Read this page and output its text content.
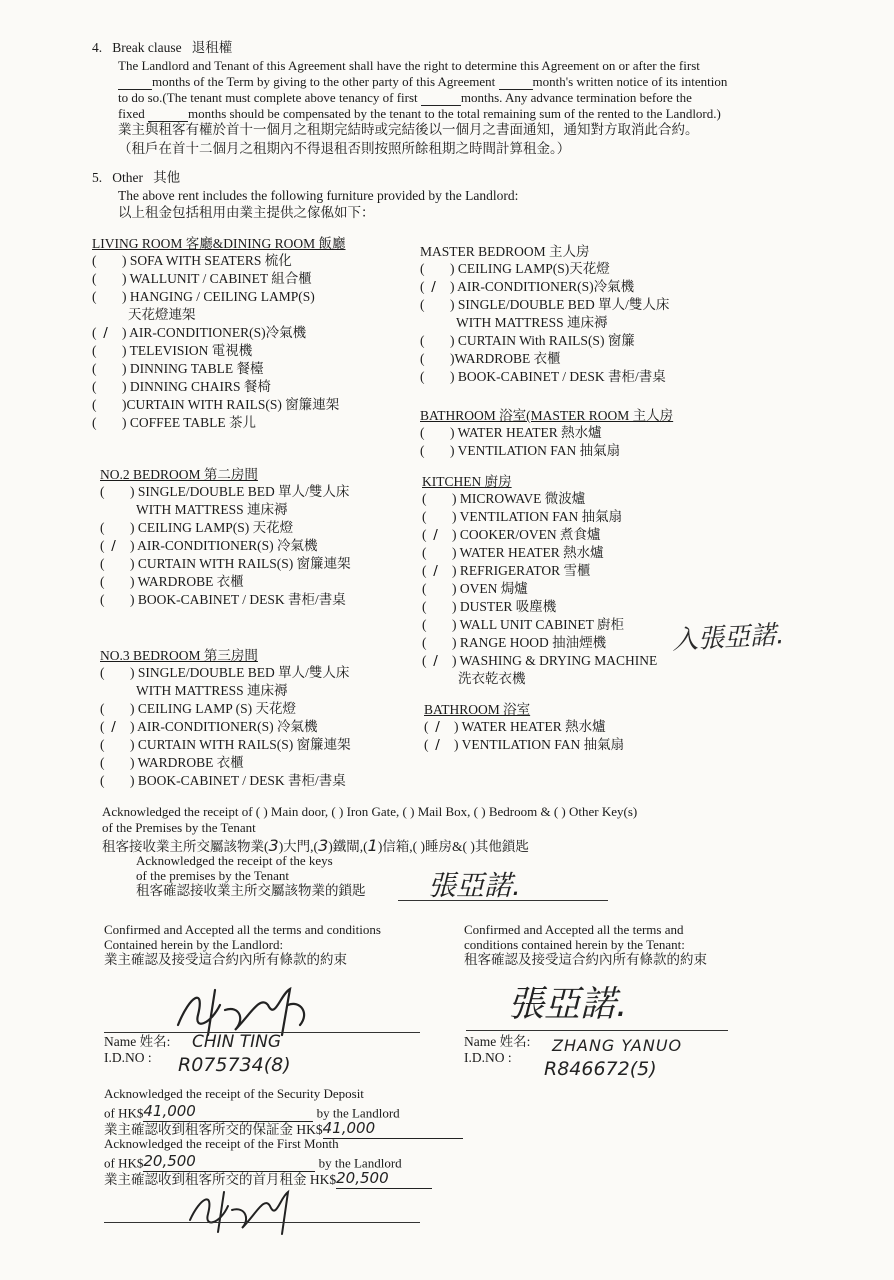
4. Break clause 退租權
The Landlord and Tenant of this Agreement shall have the right to determine this Agreement on or after the first
months of the Term by giving to the other party of this Agreement	month's written notice of its intention
to do so.(The tenant must complete above tenancy of first	months. Any advance termination before the
fixed	months should be compensated by the tenant to the total remaining sum of the rented to the Landlord.)
業主與租客有權於首十一個月之租期完結時或完結後以一個月之書面通知，通知對方取消此合約。
（租戶在首十二個月之租期內不得退租否則按照所餘租期之時間計算租金。）
5. Other 其他
The above rent includes the following furniture provided by the Landlord:
以上租金包括租用由業主提供之傢俬如下：
LIVING ROOM 客廳&DINING ROOM 飯廳
(  ) SOFA WITH SEATERS 梳化
(  ) WALLUNIT / CABINET 組合櫃
(  ) HANGING / CEILING LAMP(S)
天花燈連架
(  / ) AIR-CONDITIONER(S)冷氣機
(  ) TELEVISION 電視機
(  ) DINNING TABLE 餐檯
(  ) DINNING CHAIRS 餐椅
(  )CURTAIN WITH RAILS(S) 窗簾連架
(  ) COFFEE TABLE 茶儿
MASTER BEDROOM 主人房
(  ) CEILING LAMP(S)天花燈
(  / ) AIR-CONDITIONER(S)冷氣機
(  ) SINGLE/DOUBLE BED 單人/雙人床
WITH MATTRESS 連床褥
(  ) CURTAIN With RAILS(S) 窗簾
(  )WARDROBE 衣櫃
(  ) BOOK-CABINET / DESK 書柜/書桌
BATHROOM 浴室(MASTER ROOM 主人房
(  ) WATER HEATER 熱水爐
(  ) VENTILATION FAN 抽氣扇
NO.2 BEDROOM 第二房間
(  ) SINGLE/DOUBLE BED 單人/雙人床
WITH MATTRESS 連床褥
(  ) CEILING LAMP(S) 天花燈
(  / ) AIR-CONDITIONER(S) 冷氣機
(  ) CURTAIN WITH RAILS(S) 窗簾連架
(  ) WARDROBE 衣櫃
(  ) BOOK-CABINET / DESK 書柜/書桌
KITCHEN 廚房
(  ) MICROWAVE 微波爐
(  ) VENTILATION FAN 抽氣扇
(  / ) COOKER/OVEN 煮食爐
(  ) WATER HEATER 熱水爐
(  / ) REFRIGERATOR 雪櫃
(  ) OVEN 焗爐
(  ) DUSTER 吸塵機
(  ) WALL UNIT CABINET 廚柜
(  ) RANGE HOOD 抽油煙機
(  / ) WASHING & DRYING MACHINE
洗衣乾衣機
入張亞諾.
NO.3 BEDROOM 第三房間
(  ) SINGLE/DOUBLE BED 單人/雙人床
WITH MATTRESS 連床褥
(  ) CEILING LAMP (S) 天花燈
(  / ) AIR-CONDITIONER(S) 冷氣機
(  ) CURTAIN WITH RAILS(S) 窗簾連架
(  ) WARDROBE 衣櫃
(  ) BOOK-CABINET / DESK 書柜/書桌
BATHROOM 浴室
(  / ) WATER HEATER 熱水爐
(  / ) VENTILATION FAN 抽氣扇
Acknowledged the receipt of ( ) Main door, ( ) Iron Gate, ( ) Mail Box, ( ) Bedroom & ( ) Other Key(s)
of the Premises by the Tenant
租客接收業主所交屬該物業(3)大門,(3)鐵閘,(1)信箱,( )睡房&( )其他鎖匙
Acknowledged the receipt of the keys
of the premises by the Tenant
租客確認接收業主所交屬該物業的鎖匙 張亞諾.
Confirmed and Accepted all the terms and conditions
Contained herein by the Landlord:
業主確認及接受這合約內所有條款的約束
Name 姓名: CHIN TING
I.D.NO : R075734(8)
Confirmed and Accepted all the terms and
conditions contained herein by the Tenant:
租客確認及接受這合約內所有條款的約束
張亞諾.
Name 姓名: ZHANG YANUO
I.D.NO :
R846672(5)
Acknowledged the receipt of the Security Deposit
of HK$41,000	by the Landlord
業主確認收到租客所交的保証金 HK$41,000
Acknowledged the receipt of the First Month
of HK$20,500	by the Landlord
業主確認收到租客所交的首月租金 HK$20,500
